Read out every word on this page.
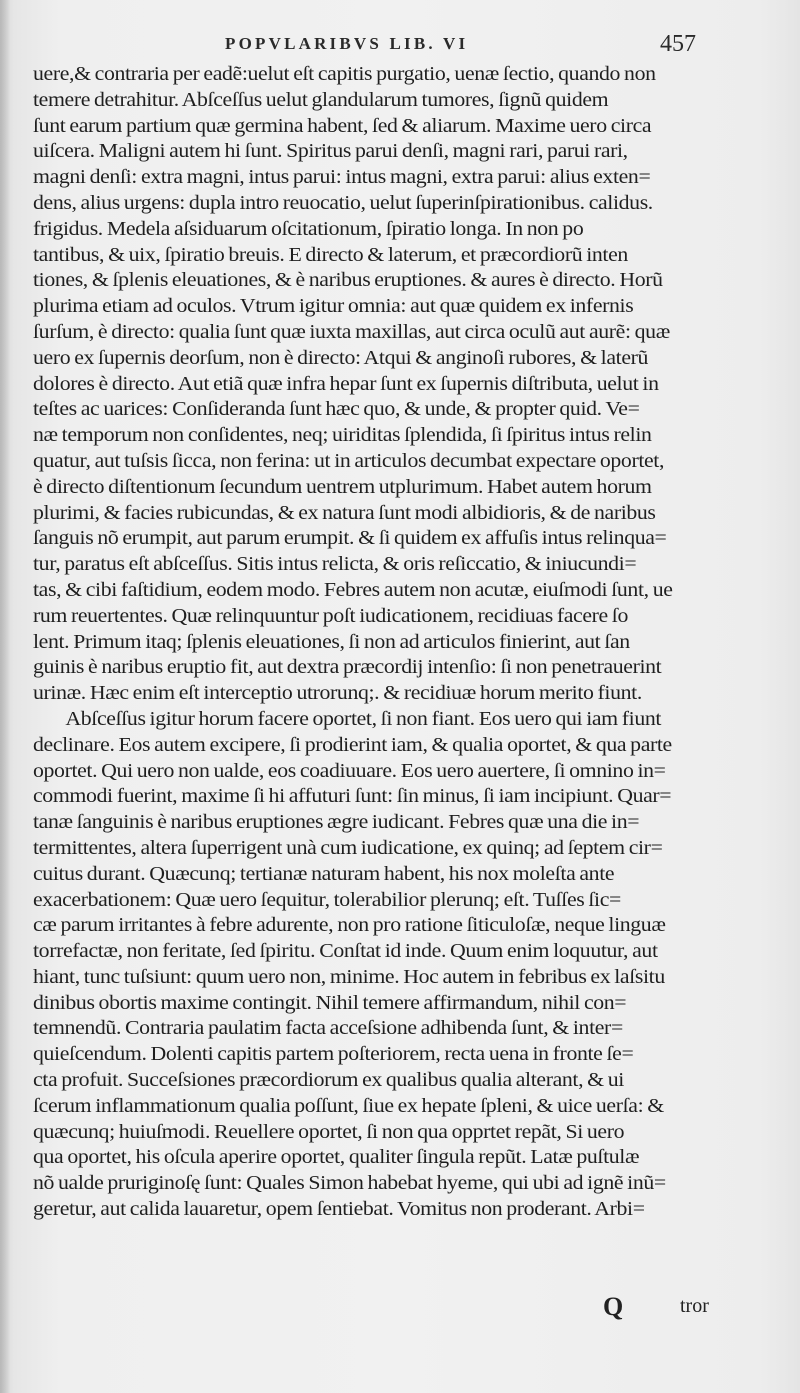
POPVLARIBVS LIB. VI	457
uere,& contraria per eadẽ:uelut eſt capitis purgatio, uenæ ſectio, quando non
temere detrahitur. Abſceſſus uelut glandularum tumores, ſignũ quidem
ſunt earum partium quæ germina habent, ſed & aliarum. Maxime uero circa
uiſcera. Maligni autem hi ſunt. Spiritus parui denſi, magni rari, parui rari,
magni denſi: extra magni, intus parui: intus magni, extra parui: alius exten=
dens, alius urgens: dupla intro reuocatio, uelut ſuperinſpirationibus. calidus.
frigidus. Medela aſsiduarum oſcitationum, ſpiratio longa. In non po
tantibus, & uix, ſpiratio breuis. E directo & laterum, et præcordiorũ inten
tiones, & ſplenis eleuationes, & è naribus eruptiones. & aures è directo. Horũ
plurima etiam ad oculos. Vtrum igitur omnia: aut quæ quidem ex infernis
ſurſum, è directo: qualia ſunt quæ iuxta maxillas, aut circa oculũ aut aurẽ: quæ
uero ex ſupernis deorſum, non è directo: Atqui & anginoſi rubores, & laterũ
dolores è directo. Aut etiã quæ infra hepar ſunt ex ſupernis diſtributa, uelut in
teſtes ac uarices: Conſideranda ſunt hæc quo, & unde, & propter quid. Ve=
næ temporum non conſidentes, neq; uiriditas ſplendida, ſi ſpiritus intus relin
quatur, aut tuſsis ſicca, non ferina: ut in articulos decumbat expectare oportet,
è directo diſtentionum ſecundum uentrem utplurimum. Habet autem horum
plurimi, & facies rubicundas, & ex natura ſunt modi albidioris, & de naribus
ſanguis nõ erumpit, aut parum erumpit. & ſi quidem ex affuſis intus relinqua=
tur, paratus eſt abſceſſus. Sitis intus relicta, & oris reſiccatio, & iniucundi=
tas, & cibi faſtidium, eodem modo. Febres autem non acutæ, eiuſmodi ſunt, ue
rum reuertentes. Quæ relinquuntur poſt iudicationem, recidiuas facere ſo
lent. Primum itaq; ſplenis eleuationes, ſi non ad articulos finierint, aut ſan
guinis è naribus eruptio fit, aut dextra præcordij intenſio: ſi non penetrauerint
urinæ. Hæc enim eſt interceptio utrorunq;. & recidiuæ horum merito fiunt.
Abſceſſus igitur horum facere oportet, ſi non fiant. Eos uero qui iam fiunt
declinare. Eos autem excipere, ſi prodierint iam, & qualia oportet, & qua parte
oportet. Qui uero non ualde, eos coadiuuare. Eos uero auertere, ſi omnino in=
commodi fuerint, maxime ſi hi affuturi ſunt: ſin minus, ſi iam incipiunt. Quar=
tanæ ſanguinis è naribus eruptiones ægre iudicant. Febres quæ una die in=
termittentes, altera ſuperrigent unà cum iudicatione, ex quinq; ad ſeptem cir=
cuitus durant. Quæcunq; tertianæ naturam habent, his nox moleſta ante
exacerbationem: Quæ uero ſequitur, tolerabilior plerunq; eſt. Tuſſes ſic=
cæ parum irritantes à febre adurente, non pro ratione ſiticuloſæ, neque linguæ
torrefactæ, non feritate, ſed ſpiritu. Conſtat id inde. Quum enim loquutur, aut
hiant, tunc tuſsiunt: quum uero non, minime. Hoc autem in febribus ex laſsitu
dinibus obortis maxime contingit. Nihil temere affirmandum, nihil con=
temnendũ. Contraria paulatim facta acceſsione adhibenda ſunt, & inter=
quieſcendum. Dolenti capitis partem poſteriorem, recta uena in fronte ſe=
cta profuit. Succeſsiones præcordiorum ex qualibus qualia alterant, & ui
ſcerum inflammationum qualia poſſunt, ſiue ex hepate ſpleni, & uice uerſa: &
quæcunq; huiuſmodi. Reuellere oportet, ſi non qua opprtet repãt, Si uero
qua oportet, his oſcula aperire oportet, qualiter ſingula repũt. Latæ puſtulæ
nõ ualde pruriginoſę ſunt: Quales Simon habebat hyeme, qui ubi ad ignẽ inũ=
geretur, aut calida lauaretur, opem ſentiebat. Vomitus non proderant. Arbi=
Q	tror
